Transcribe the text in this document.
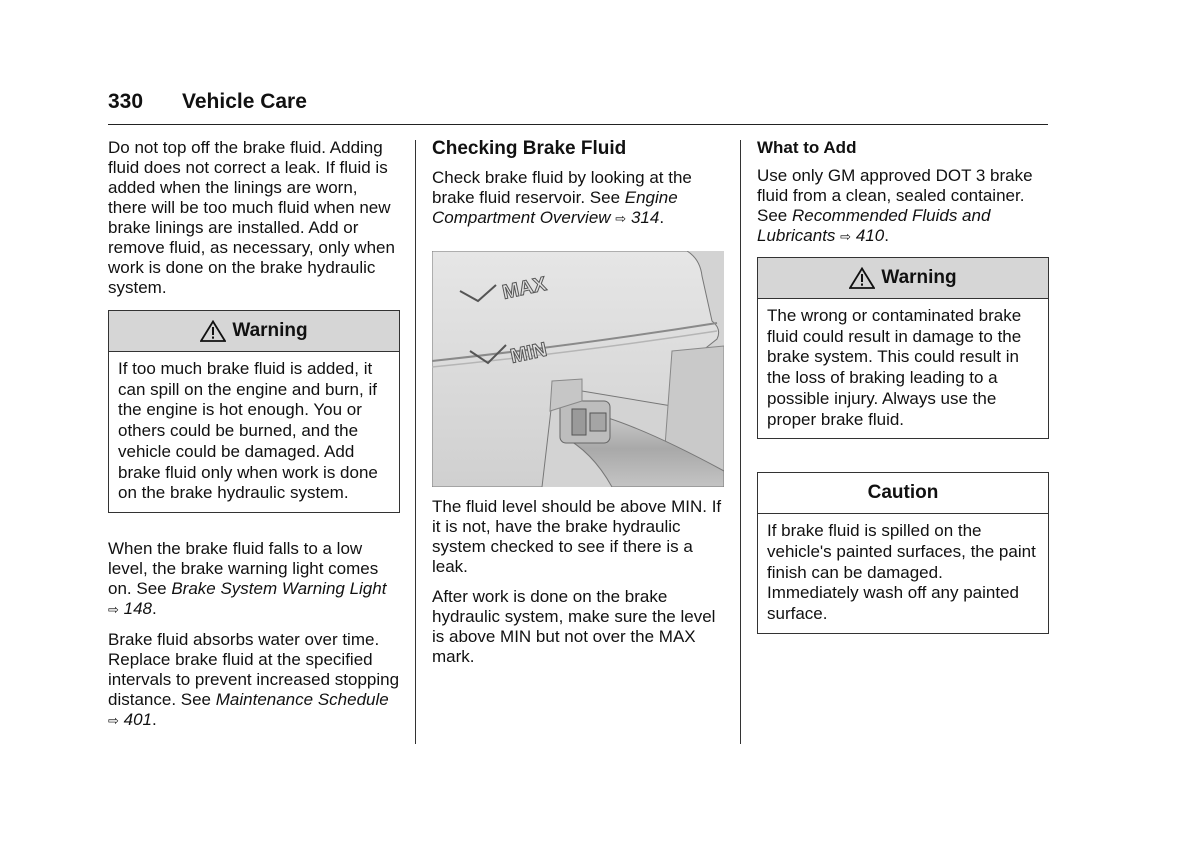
330 Vehicle Care

Do not top off the brake fluid. Adding fluid does not correct a leak. If fluid is added when the linings are worn, there will be too much fluid when new brake linings are installed. Add or remove fluid, as necessary, only when work is done on the brake hydraulic system.

Warning
If too much brake fluid is added, it can spill on the engine and burn, if the engine is hot enough. You or others could be burned, and the vehicle could be damaged. Add brake fluid only when work is done on the brake hydraulic system.

When the brake fluid falls to a low level, the brake warning light comes on. See Brake System Warning Light ⇨ 148.

Brake fluid absorbs water over time. Replace brake fluid at the specified intervals to prevent increased stopping distance. See Maintenance Schedule ⇨ 401.

Checking Brake Fluid

Check brake fluid by looking at the brake fluid reservoir. See Engine Compartment Overview ⇨ 314.

MAX
MIN

The fluid level should be above MIN. If it is not, have the brake hydraulic system checked to see if there is a leak.

After work is done on the brake hydraulic system, make sure the level is above MIN but not over the MAX mark.

What to Add

Use only GM approved DOT 3 brake fluid from a clean, sealed container. See Recommended Fluids and Lubricants ⇨ 410.

Warning
The wrong or contaminated brake fluid could result in damage to the brake system. This could result in the loss of braking leading to a possible injury. Always use the proper brake fluid.
Caution
If brake fluid is spilled on the vehicle's painted surfaces, the paint finish can be damaged. Immediately wash off any painted surface.
